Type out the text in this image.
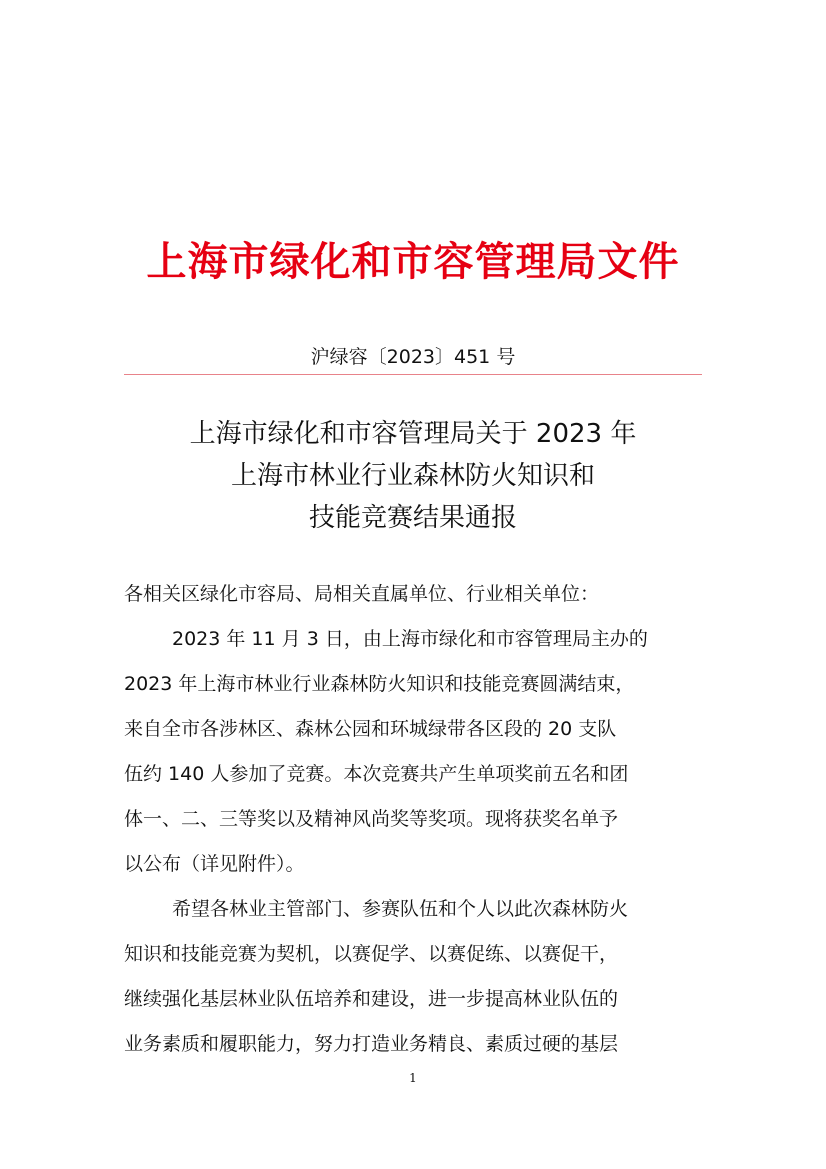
上海市绿化和市容管理局文件
沪绿容〔2023〕451 号
上海市绿化和市容管理局关于 2023 年
上海市林业行业森林防火知识和
技能竞赛结果通报
各相关区绿化市容局、局相关直属单位、行业相关单位：
2023 年 11 月 3 日，由上海市绿化和市容管理局主办的
2023 年上海市林业行业森林防火知识和技能竞赛圆满结束，
来自全市各涉林区、森林公园和环城绿带各区段的 20 支队
伍约 140 人参加了竞赛。本次竞赛共产生单项奖前五名和团
体一、二、三等奖以及精神风尚奖等奖项。现将获奖名单予
以公布（详见附件）。
希望各林业主管部门、参赛队伍和个人以此次森林防火
知识和技能竞赛为契机，以赛促学、以赛促练、以赛促干，
继续强化基层林业队伍培养和建设，进一步提高林业队伍的
业务素质和履职能力，努力打造业务精良、素质过硬的基层
1
